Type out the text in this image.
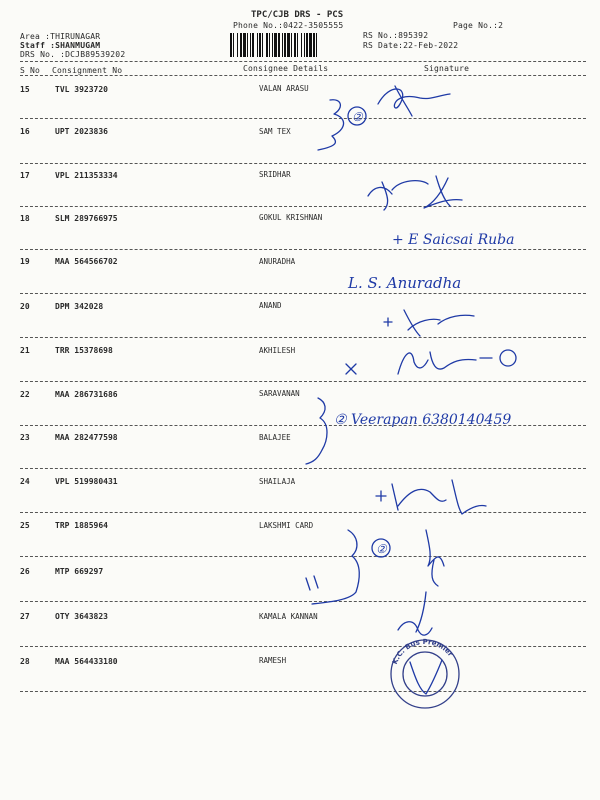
TPC/CJB DRS - PCS
Phone No.:0422-3505555	Page No.:2
Area :THIRUNAGAR
Staff :SHANMUGAM
DRS No. :DCJB89539202
RS No.:895392
RS Date:22-Feb-2022
S No Consignment No	Consignee Details	Signature
15	TVL 3923720	VALAN ARASU
16	UPT 2023836	SAM TEX
17	VPL 211353334	SRIDHAR
18	SLM 289766975	GOKUL KRISHNAN
19	MAA 564566702	ANURADHA
20	DPM 342028	ANAND
21	TRR 15378698	AKHILESH
22	MAA 286731686	SARAVANAN
23	MAA 282477598	BALAJEE
24	VPL 519980431	SHAILAJA
25	TRP 1885964	LAKSHMI CARD
26	MTP 669297
27	OTY 3643823	KAMALA KANNAN
28	MAA 564433180	RAMESH
②
+ E Saicsai Ruba
L. S. Anuradha
② Veerapan 6380140459
②
K.C. Bus Premier
